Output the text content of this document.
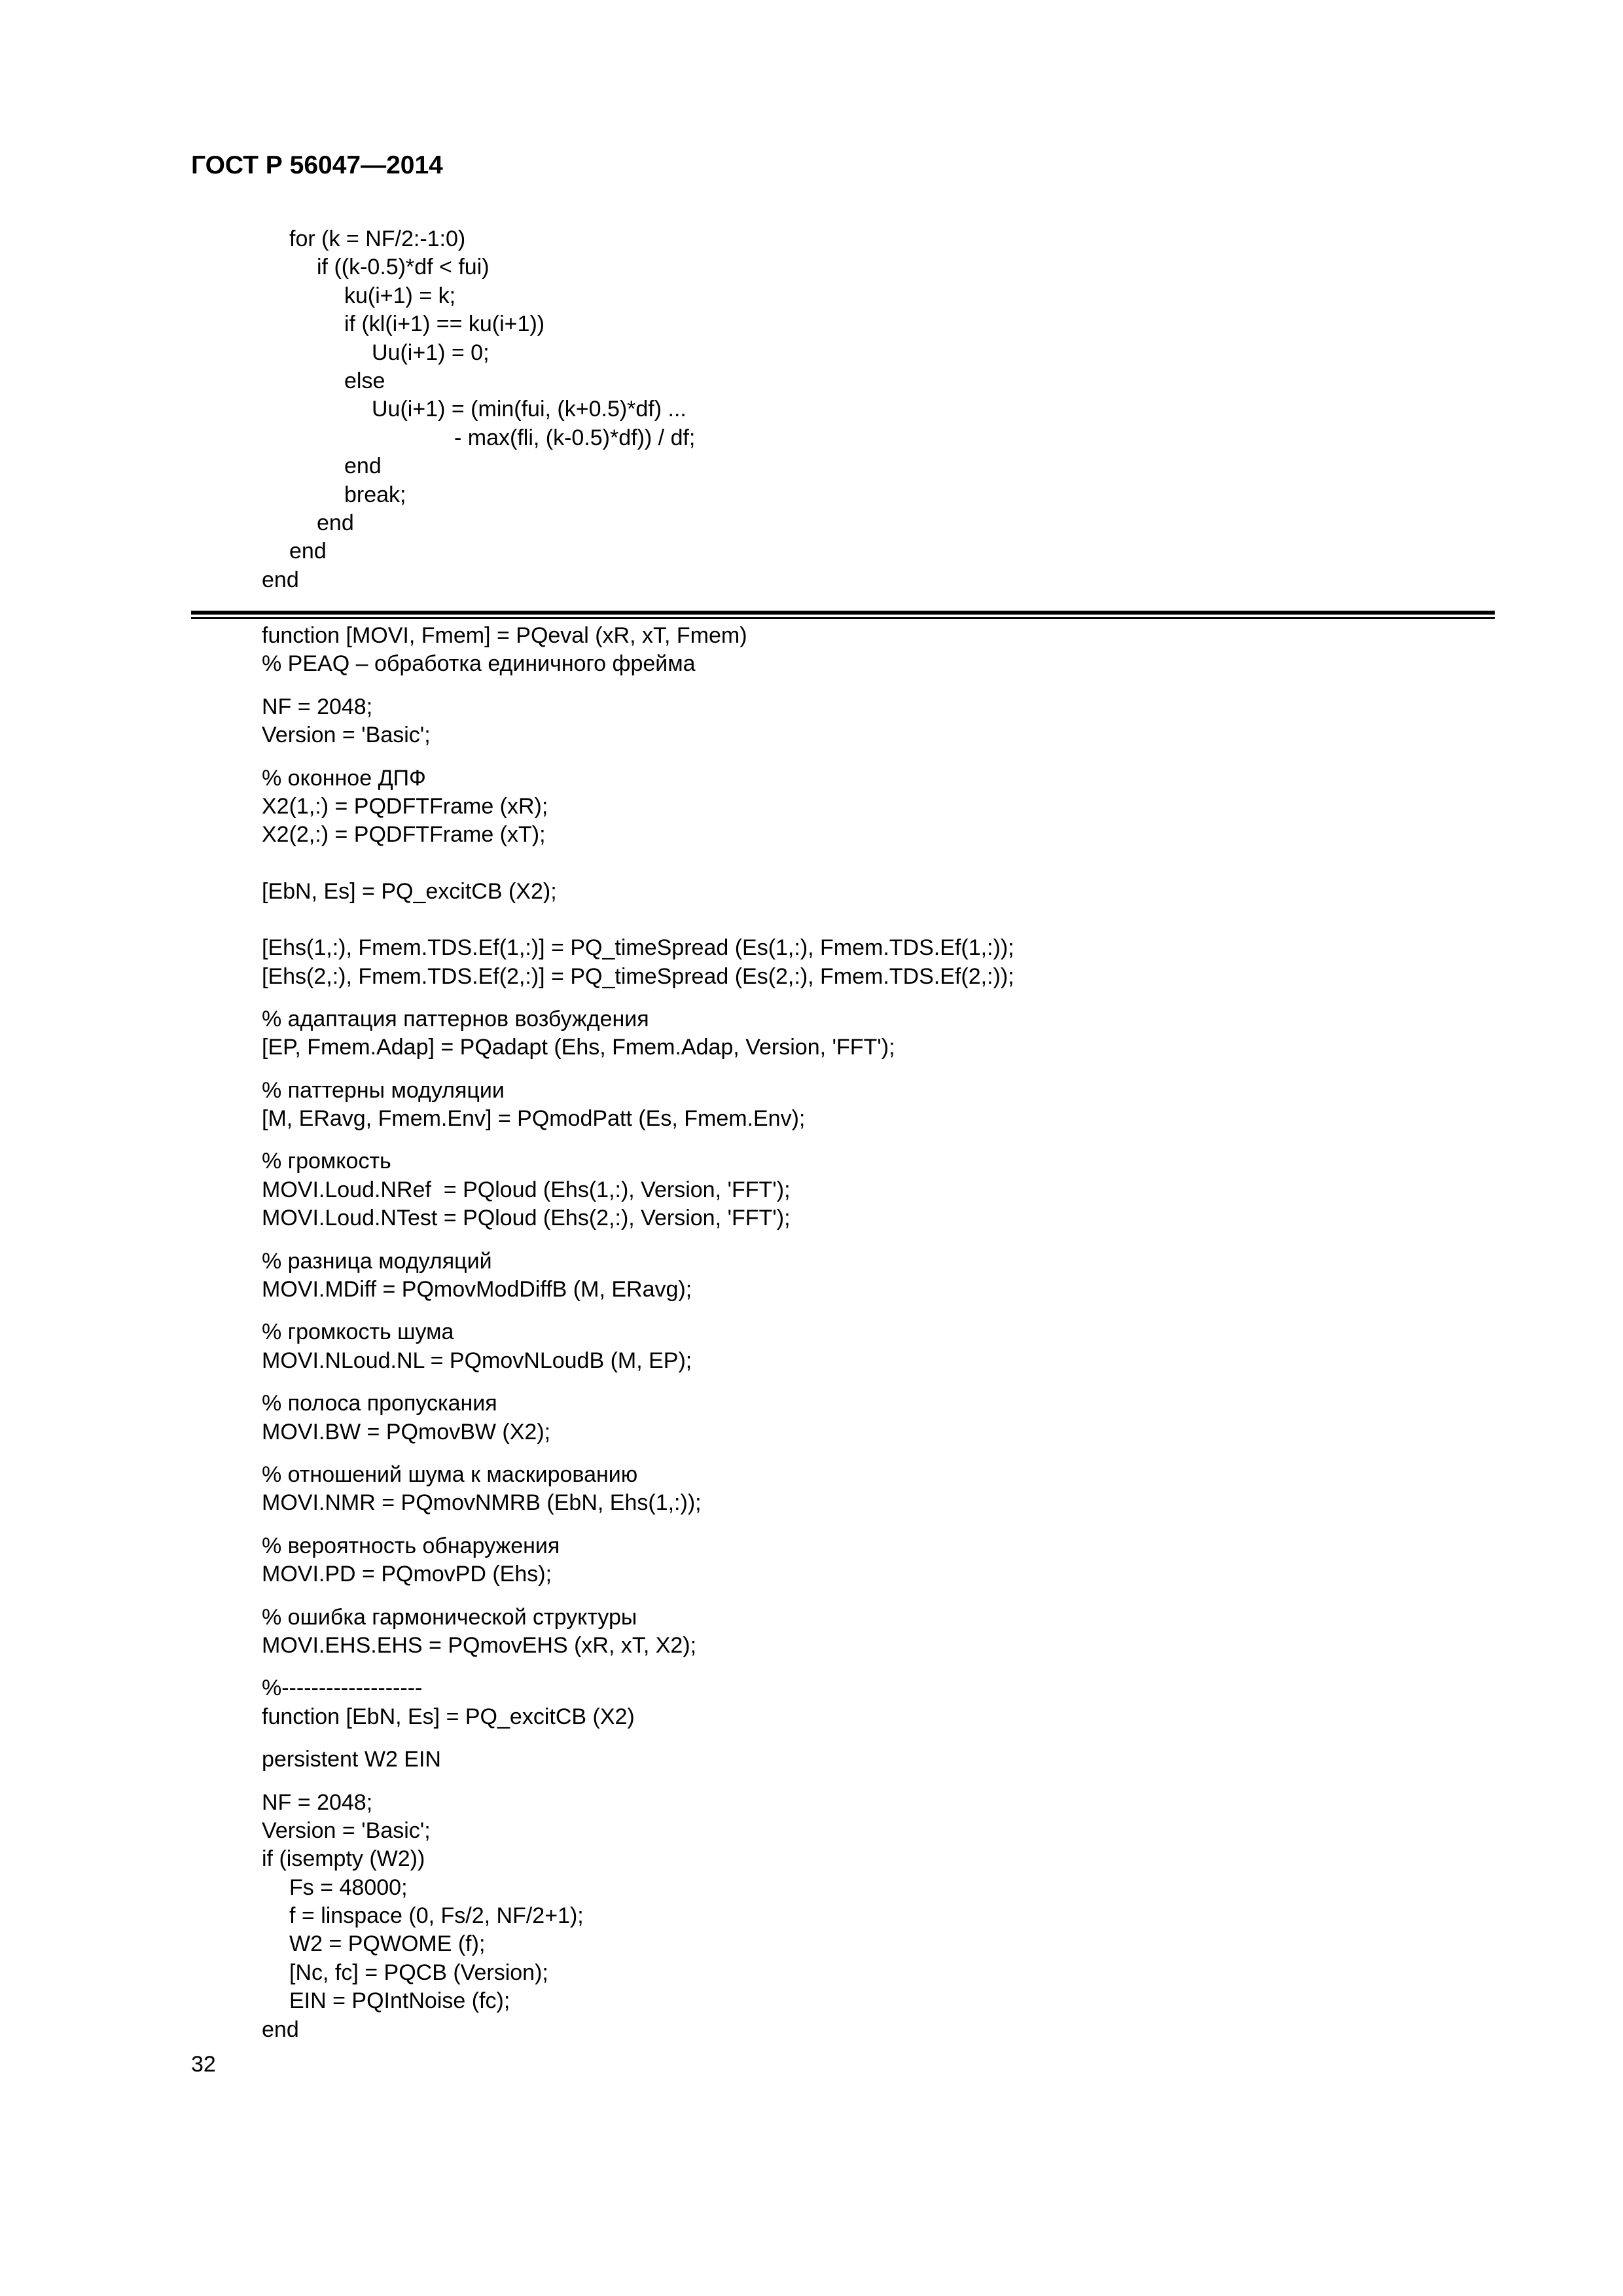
ГОСТ Р 56047—2014
for (k = NF/2:-1:0)
if ((k-0.5)*df < fui)
ku(i+1) = k;
if (kl(i+1) == ku(i+1))
Uu(i+1) = 0;
else
Uu(i+1) = (min(fui, (k+0.5)*df) ...
- max(fli, (k-0.5)*df)) / df;
end
break;
end
end
end
function [MOVI, Fmem] = PQeval (xR, xT, Fmem)
% PEAQ – обработка единичного фрейма
NF = 2048;
Version = 'Basic';
% оконное ДПФ
X2(1,:) = PQDFTFrame (xR);
X2(2,:) = PQDFTFrame (xT);
[EbN, Es] = PQ_excitCB (X2);
[Ehs(1,:), Fmem.TDS.Ef(1,:)] = PQ_timeSpread (Es(1,:), Fmem.TDS.Ef(1,:));
[Ehs(2,:), Fmem.TDS.Ef(2,:)] = PQ_timeSpread (Es(2,:), Fmem.TDS.Ef(2,:));
% адаптация паттернов возбуждения
[EP, Fmem.Adap] = PQadapt (Ehs, Fmem.Adap, Version, 'FFT');
% паттерны модуляции
[M, ERavg, Fmem.Env] = PQmodPatt (Es, Fmem.Env);
% громкость
MOVI.Loud.NRef  = PQloud (Ehs(1,:), Version, 'FFT');
MOVI.Loud.NTest = PQloud (Ehs(2,:), Version, 'FFT');
% разница модуляций
MOVI.MDiff = PQmovModDiffB (M, ERavg);
% громкость шума
MOVI.NLoud.NL = PQmovNLoudB (M, EP);
% полоса пропускания
MOVI.BW = PQmovBW (X2);
% отношений шума к маскированию
MOVI.NMR = PQmovNMRB (EbN, Ehs(1,:));
% вероятность обнаружения
MOVI.PD = PQmovPD (Ehs);
% ошибка гармонической структуры
MOVI.EHS.EHS = PQmovEHS (xR, xT, X2);
%-------------------
function [EbN, Es] = PQ_excitCB (X2)
persistent W2 EIN
NF = 2048;
Version = 'Basic';
if (isempty (W2))
Fs = 48000;
f = linspace (0, Fs/2, NF/2+1);
W2 = PQWOME (f);
[Nc, fc] = PQCB (Version);
EIN = PQIntNoise (fc);
end
32
